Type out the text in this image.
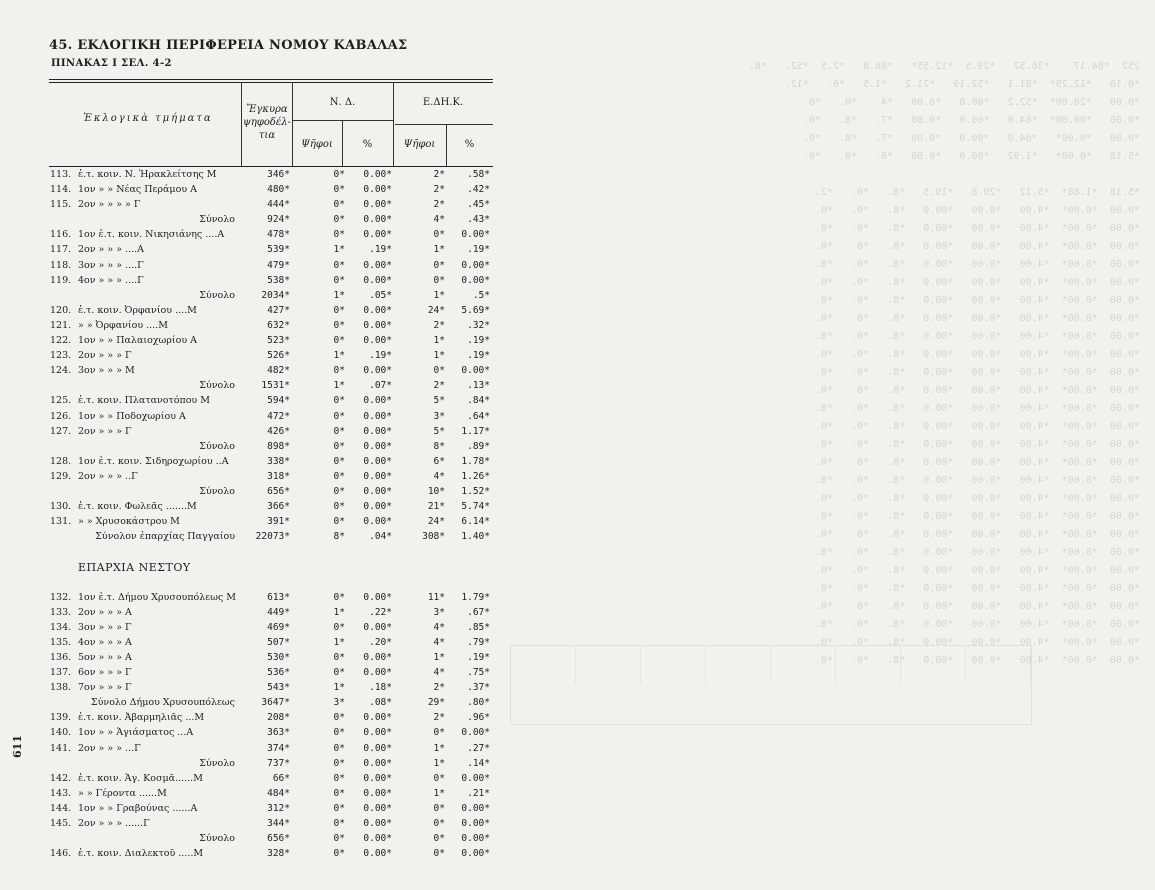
252  *84.17    *36.52   *29.5  *12.55*   *86.8   *2.5  *52.   *8.
*0.10   *12.29*  *81.1   *52.19   *21.2   *1.5   *6.   *12.
*0.00   *20.00*  *52.2   *00.8   *0.00   *4.   *0.   *0.
*0.00   *00.00*  *64.0   *00.0   *0.00   *7.   *8.   *0.
*0.00   *0.00*   *64.0   *00.0   *0.00   *7.   *8.   *0.
*5.18   *0.00*   *1.92   *00.0   *0.00   *8.   *0.   *0.

*5.18  *1.88*  *5.12   *29.8   *19.5   *8.   *0.   *2.
*0.00  *0.00*  *4.00   *0.00   *00.0   *8.   *0.   *0.
*0.00  *0.00*  *4.00   *0.00   *00.0   *8.   *0.   *0.
*0.00  *0.00*  *4.00   *0.00   *00.0   *8.   *0.   *0.
*0.00  *0.00*  *4.00   *0.00   *00.0   *8.   *0.   *0.
*0.00  *0.00*  *4.00   *0.00   *00.0   *8.   *0.   *0.
*0.00  *0.00*  *4.00   *0.00   *00.0   *8.   *0.   *0.
*0.00  *0.00*  *4.00   *0.00   *00.0   *8.   *0.   *0.
*0.00  *0.00*  *4.00   *0.00   *00.0   *8.   *0.   *0.
*0.00  *0.00*  *4.00   *0.00   *00.0   *8.   *0.   *0.
*0.00  *0.00*  *4.00   *0.00   *00.0   *8.   *0.   *0.
*0.00  *0.00*  *4.00   *0.00   *00.0   *8.   *0.   *0.
*0.00  *0.00*  *4.00   *0.00   *00.0   *8.   *0.   *0.
*0.00  *0.00*  *4.00   *0.00   *00.0   *8.   *0.   *0.
*0.00  *0.00*  *4.00   *0.00   *00.0   *8.   *0.   *0.
*0.00  *0.00*  *4.00   *0.00   *00.0   *8.   *0.   *0.
*0.00  *0.00*  *4.00   *0.00   *00.0   *8.   *0.   *0.
*0.00  *0.00*  *4.00   *0.00   *00.0   *8.   *0.   *0.
*0.00  *0.00*  *4.00   *0.00   *00.0   *8.   *0.   *0.
*0.00  *0.00*  *4.00   *0.00   *00.0   *8.   *0.   *0.
*0.00  *0.00*  *4.00   *0.00   *00.0   *8.   *0.   *0.
*0.00  *0.00*  *4.00   *0.00   *00.0   *8.   *0.   *0.
*0.00  *0.00*  *4.00   *0.00   *00.0   *8.   *0.   *0.
*0.00  *0.00*  *4.00   *0.00   *00.0   *8.   *0.   *0.
*0.00  *0.00*  *4.00   *0.00   *00.0   *8.   *0.   *0.
*0.00  *0.00*  *4.00   *0.00   *00.0   *8.   *0.   *0.
*0.00  *0.00*  *4.00   *0.00   *00.0   *8.   *0.   *0.

45. ΕΚΛΟΓΙΚΗ ΠΕΡΙΦΕΡΕΙΑ ΝΟΜΟΥ ΚΑΒΑΛΑΣ
ΠΙΝΑΚΑΣ I ΣΕΛ. 4-2
Ἐκλογικὰ τμήματα
Ἔγκυρα
ψηφοδέλ-
τια
Ν. Δ.	Ε.ΔΗ.Κ.
Ψῆφοι	%	Ψῆφοι	%
113. ἐ.τ. κοιν. Ν. Ἡρακλείτσης Μ	346*	0*	0.00*	2*	.58*
114. 1ον » » Νέας Περάμου Α	480*	0*	0.00*	2*	.42*
115. 2ον » » » » Γ	444*	0*	0.00*	2*	.45*
Σύνολο	924*	0*	0.00*	4*	.43*
116. 1ον ἐ.τ. κοιν. Νικησιάνης ....Α	478*	0*	0.00*	0*	0.00*
117. 2ον » » » ....Α	539*	1*	.19*	1*	.19*
118. 3ον » » » ....Γ	479*	0*	0.00*	0*	0.00*
119. 4ον » » » ....Γ	538*	0*	0.00*	0*	0.00*
Σύνολο	2034*	1*	.05*	1*	.5*
120. ἐ.τ. κοιν. Ὀρφανίου ....Μ	427*	0*	0.00*	24*	5.69*
121. » » Ὀρφανίου ....Μ	632*	0*	0.00*	2*	.32*
122. 1ον » » Παλαιοχωρίου Α	523*	0*	0.00*	1*	.19*
123. 2ον » » » Γ	526*	1*	.19*	1*	.19*
124. 3ον » » » Μ	482*	0*	0.00*	0*	0.00*
Σύνολο	1531*	1*	.07*	2*	.13*
125. ἐ.τ. κοιν. Πλατανοτόπου Μ	594*	0*	0.00*	5*	.84*
126. 1ον » » Ποδοχωρίου Α	472*	0*	0.00*	3*	.64*
127. 2ον » » » Γ	426*	0*	0.00*	5*	1.17*
Σύνολο	898*	0*	0.00*	8*	.89*
128. 1ον ἐ.τ. κοιν. Σιδηροχωρίου ..Α	338*	0*	0.00*	6*	1.78*
129. 2ον » » » ..Γ	318*	0*	0.00*	4*	1.26*
Σύνολο	656*	0*	0.00*	10*	1.52*
130. ἐ.τ. κοιν. Φωλεᾶς .......Μ	366*	0*	0.00*	21*	5.74*
131. » » Χρυσοκάστρου Μ	391*	0*	0.00*	24*	6.14*
Σύνολον ἐπαρχίας Παγγαίου	22073*	8*	.04*	308*	1.40*
ΕΠΑΡΧΙΑ ΝΕΣΤΟΥ
132. 1ον ἐ.τ. Δήμου Χρυσουπόλεως Μ	613*	0*	0.00*	11*	1.79*
133. 2ον » » » Α	449*	1*	.22*	3*	.67*
134. 3ον » » » Γ	469*	0*	0.00*	4*	.85*
135. 4ον » » » Α	507*	1*	.20*	4*	.79*
136. 5ον » » » Α	530*	0*	0.00*	1*	.19*
137. 6ον » » » Γ	536*	0*	0.00*	4*	.75*
138. 7ον » » » Γ	543*	1*	.18*	2*	.37*
Σύνολο Δήμου Χρυσουπόλεως	3647*	3*	.08*	29*	.80*
139. ἐ.τ. κοιν. Ἀβαρμηλιᾶς ...Μ	208*	0*	0.00*	2*	.96*
140. 1ον » » Ἁγιάσματος ...Α	363*	0*	0.00*	0*	0.00*
141. 2ον » » » ...Γ	374*	0*	0.00*	1*	.27*
Σύνολο	737*	0*	0.00*	1*	.14*
142. ἐ.τ. κοιν. Ἁγ. Κοσμᾶ......Μ	66*	0*	0.00*	0*	0.00*
143. » » Γέροντα ......Μ	484*	0*	0.00*	1*	.21*
144. 1ον » » Γραβούνας ......Α	312*	0*	0.00*	0*	0.00*
145. 2ον » » » ......Γ	344*	0*	0.00*	0*	0.00*
Σύνολο	656*	0*	0.00*	0*	0.00*
146. ἐ.τ. κοιν. Διαλεκτοῦ .....Μ	328*	0*	0.00*	0*	0.00*
611
